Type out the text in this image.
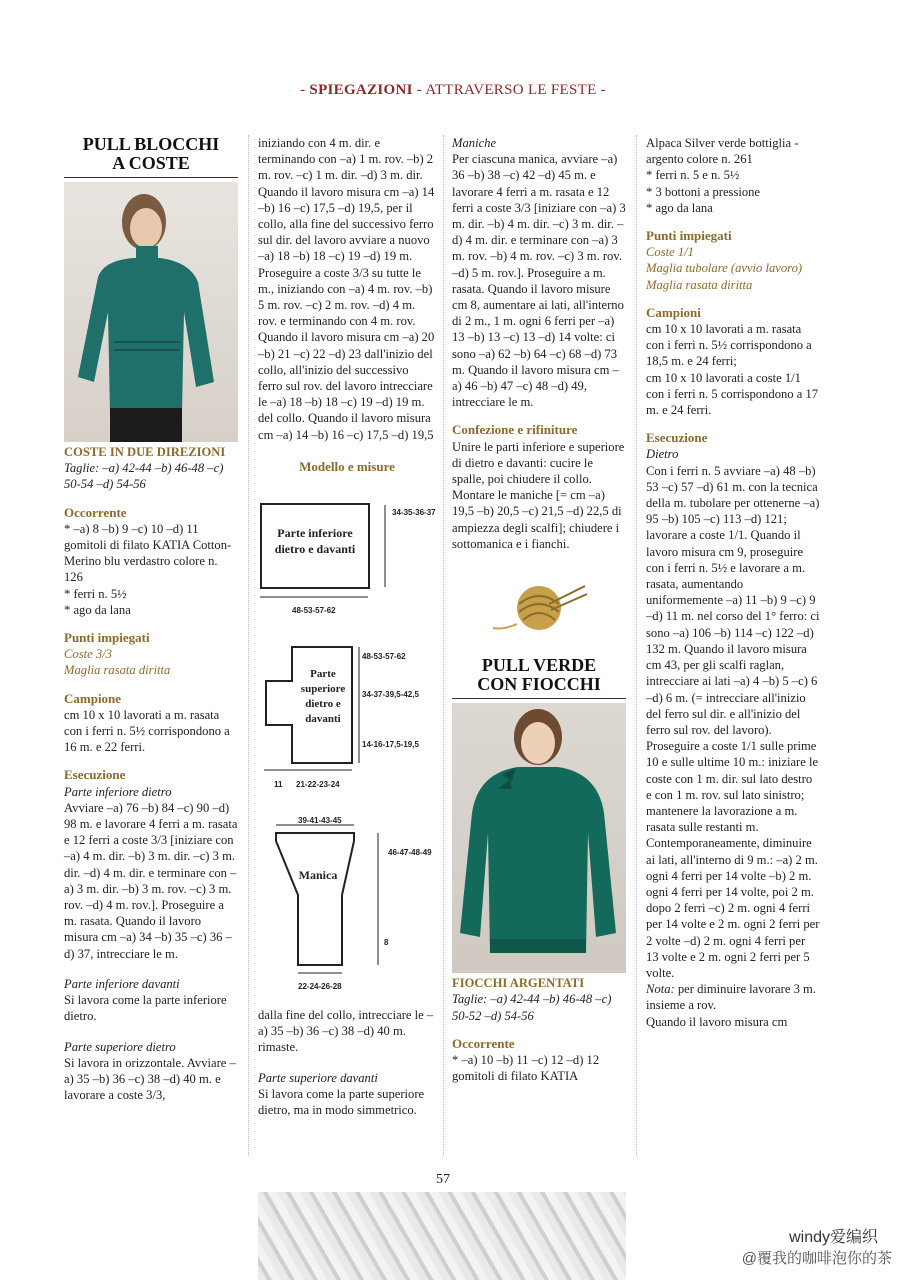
- SPIEGAZIONI - ATTRAVERSO LE FESTE -
PULL BLOCCHI
A COSTE
COSTE IN DUE DIREZIONI
Taglie: –a) 42-44 –b) 46-48 –c) 50-54 –d) 54-56
Occorrente

* –a) 8 –b) 9 –c) 10 –d) 11 gomitoli di filato KATIA Cotton-Merino blu verdastro colore n. 126

* ferri n. 5½

* ago da lana

Punti impiegati

Coste 3/3

Maglia rasata diritta

Campione

cm 10 x 10 lavorati a m. rasata con i ferri n. 5½ corrispondono a 16 m. e 22 ferri.

Esecuzione

Parte inferiore dietro

Avviare –a) 76 –b) 84 –c) 90 –d) 98 m. e lavorare 4 ferri a m. rasata e 12 ferri a coste 3/3 [iniziare con –a) 4 m. dir. –b) 3 m. dir. –c) 3 m. dir. –d) 4 m. dir. e terminare con –a) 3 m. dir. –b) 3 m. rov. –c) 3 m. rov. –d) 4 m. rov.]. Proseguire a m. rasata. Quando il lavoro misura cm –a) 34 –b) 35 –c) 36 –d) 37, intrecciare le m.

Parte inferiore davanti

Si lavora come la parte inferiore dietro.

Parte superiore dietro

Si lavora in orizzontale. Avviare –a) 35 –b) 36 –c) 38 –d) 40 m. e lavorare a coste 3/3,

iniziando con 4 m. dir. e terminando con –a) 1 m. rov. –b) 2 m. rov. –c) 1 m. dir. –d) 3 m. dir. Quando il lavoro misura cm –a) 14 –b) 16 –c) 17,5 –d) 19,5, per il collo, alla fine del successivo ferro sul dir. del lavoro avviare a nuovo –a) 18 –b) 18 –c) 19 –d) 19 m. Proseguire a coste 3/3 su tutte le m., iniziando con –a) 4 m. rov. –b) 5 m. rov. –c) 2 m. rov. –d) 4 m. rov. e terminando con 4 m. rov. Quando il lavoro misura cm –a) 20 –b) 21 –c) 22 –d) 23 dall'inizio del collo, all'inizio del successivo ferro sul rov. del lavoro intrecciare le –a) 18 –b) 18 –c) 19 –d) 19 m. del collo. Quando il lavoro misura cm –a) 14 –b) 16 –c) 17,5 –d) 19,5

Modello e misure
Parte inferiore dietro e davanti
34-35-36-37
48-53-57-62
Parte superiore dietro e davanti
48-53-57-62
34-37-39,5-42,5
14-16-17,5-19,5
11 21-22-23-24
Manica
39-41-43-45
46-47-48-49
8
22-24-26-28

dalla fine del collo, intrecciare le –a) 35 –b) 36 –c) 38 –d) 40 m. rimaste.

Parte superiore davanti

Si lavora come la parte superiore dietro, ma in modo simmetrico.

Maniche

Per ciascuna manica, avviare –a) 36 –b) 38 –c) 42 –d) 45 m. e lavorare 4 ferri a m. rasata e 12 ferri a coste 3/3 [iniziare con –a) 3 m. dir. –b) 4 m. dir. –c) 3 m. dir. –d) 4 m. dir. e terminare con –a) 3 m. rov. –b) 4 m. rov. –c) 3 m. rov. –d) 5 m. rov.]. Proseguire a m. rasata. Quando il lavoro misure cm 8, aumentare ai lati, all'interno di 2 m., 1 m. ogni 6 ferri per –a) 13 –b) 13 –c) 13 –d) 14 volte: ci sono –a) 62 –b) 64 –c) 68 –d) 73 m. Quando il lavoro misura cm –a) 46 –b) 47 –c) 48 –d) 49, intrecciare le m.

Confezione e rifiniture

Unire le parti inferiore e superiore di dietro e davanti: cucire le spalle, poi chiudere il collo. Montare le maniche [= cm –a) 19,5 –b) 20,5 –c) 21,5 –d) 22,5 di ampiezza degli scalfi]; chiudere i sottomanica e i fianchi.

PULL VERDE
CON FIOCCHI
FIOCCHI ARGENTATI
Taglie: –a) 42-44 –b) 46-48 –c) 50-52 –d) 54-56
Occorrente

* –a) 10 –b) 11 –c) 12 –d) 12 gomitoli di filato KATIA

Alpaca Silver verde bottiglia - argento colore n. 261

* ferri n. 5 e n. 5½

* 3 bottoni a pressione

* ago da lana

Punti impiegati

Coste 1/1

Maglia tubolare (avvio lavoro)

Maglia rasata diritta

Campioni

cm 10 x 10 lavorati a m. rasata con i ferri n. 5½ corrispondono a 18,5 m. e 24 ferri;

cm 10 x 10 lavorati a coste 1/1 con i ferri n. 5 corrispondono a 17 m. e 24 ferri.

Esecuzione

Dietro

Con i ferri n. 5 avviare –a) 48 –b) 53 –c) 57 –d) 61 m. con la tecnica della m. tubolare per ottenerne –a) 95 –b) 105 –c) 113 –d) 121; lavorare a coste 1/1. Quando il lavoro misura cm 9, proseguire con i ferri n. 5½ e lavorare a m. rasata, aumentando uniformemente –a) 11 –b) 9 –c) 9 –d) 11 m. nel corso del 1° ferro: ci sono –a) 106 –b) 114 –c) 122 –d) 132 m. Quando il lavoro misura cm 43, per gli scalfi raglan, intrecciare ai lati –a) 4 –b) 5 –c) 6 –d) 6 m. (= intrecciare all'inizio del ferro sul dir. e all'inizio del ferro sul rov. del lavoro). Proseguire a coste 1/1 sulle prime 10 e sulle ultime 10 m.: iniziare le coste con 1 m. dir. sul lato destro e con 1 m. rov. sul lato sinistro; mantenere la lavorazione a m. rasata sulle restanti m.

Contemporaneamente, diminuire ai lati, all'interno di 9 m.: –a) 2 m. ogni 4 ferri per 14 volte –b) 2 m. ogni 4 ferri per 14 volte, poi 2 m. dopo 2 ferri –c) 2 m. ogni 4 ferri per 14 volte e 2 m. ogni 2 ferri per 2 volte –d) 2 m. ogni 4 ferri per 13 volte e 2 m. ogni 2 ferri per 5 volte.

Nota: per diminuire lavorare 3 m. insieme a rov.

Quando il lavoro misura cm

57
windy爱编织
@覆我的咖啡泡你的茶
